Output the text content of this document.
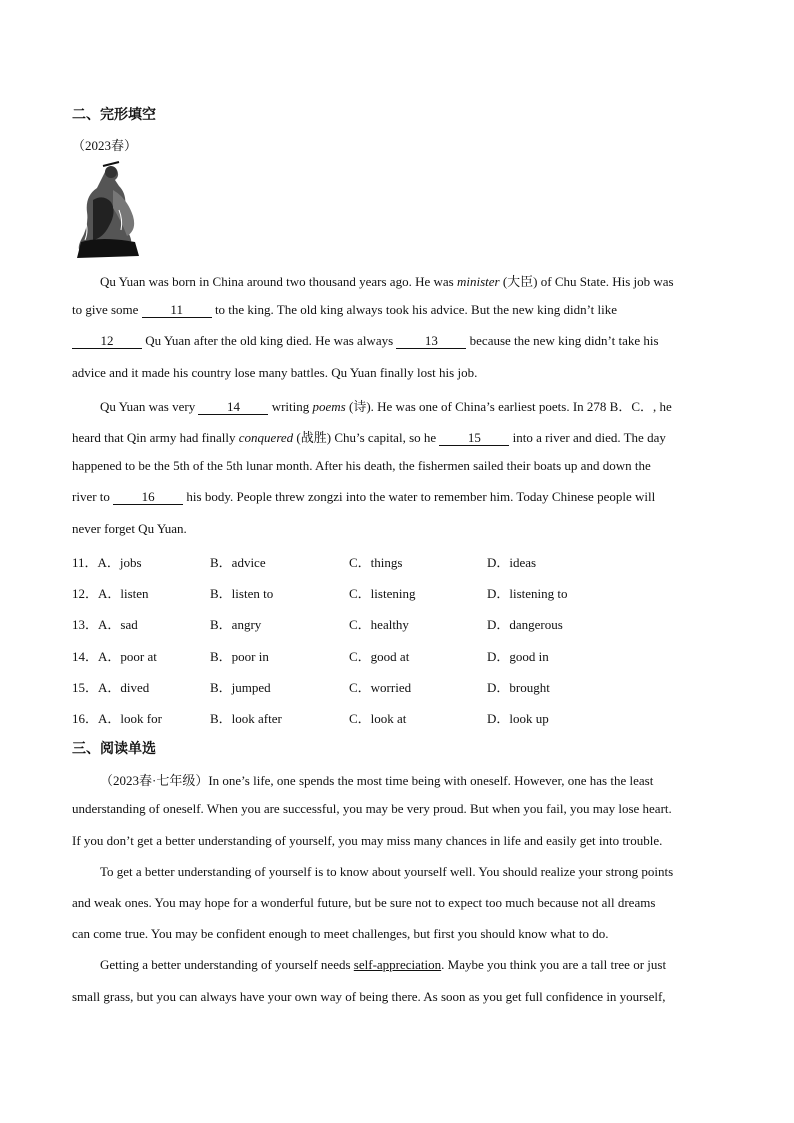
二、完形填空
（2023春）
Qu Yuan was born in China around two thousand years ago. He was minister (大臣) of Chu State. His job was
to give some 11 to the king. The old king always took his advice. But the new king didn’t like
12 Qu Yuan after the old king died. He was always 13 because the new king didn’t take his
advice and it made his country lose many battles. Qu Yuan finally lost his job.
Qu Yuan was very 14 writing poems (诗). He was one of China’s earliest poets. In 278 B．C．, he
heard that Qin army had finally conquered (战胜) Chu’s capital, so he 15 into a river and died. The day
happened to be the 5th of the 5th lunar month. After his death, the fishermen sailed their boats up and down the
river to 16 his body. People threw zongzi into the water to remember him. Today Chinese people will
never forget Qu Yuan.
11．A．jobs	B．advice	C．things	D．ideas
12．A．listen	B．listen to	C．listening	D．listening to
13．A．sad	B．angry	C．healthy	D．dangerous
14．A．poor at	B．poor in	C．good at	D．good in
15．A．dived	B．jumped	C．worried	D．brought
16．A．look for	B．look after	C．look at	D．look up
三、阅读单选
（2023春·七年级）In one’s life, one spends the most time being with oneself. However, one has the least
understanding of oneself. When you are successful, you may be very proud. But when you fail, you may lose heart.
If you don’t get a better understanding of yourself, you may miss many chances in life and easily get into trouble.
To get a better understanding of yourself is to know about yourself well. You should realize your strong points
and weak ones. You may hope for a wonderful future, but be sure not to expect too much because not all dreams
can come true. You may be confident enough to meet challenges, but first you should know what to do.
Getting a better understanding of yourself needs self-appreciation. Maybe you think you are a tall tree or just
small grass, but you can always have your own way of being there. As soon as you get full confidence in yourself,
